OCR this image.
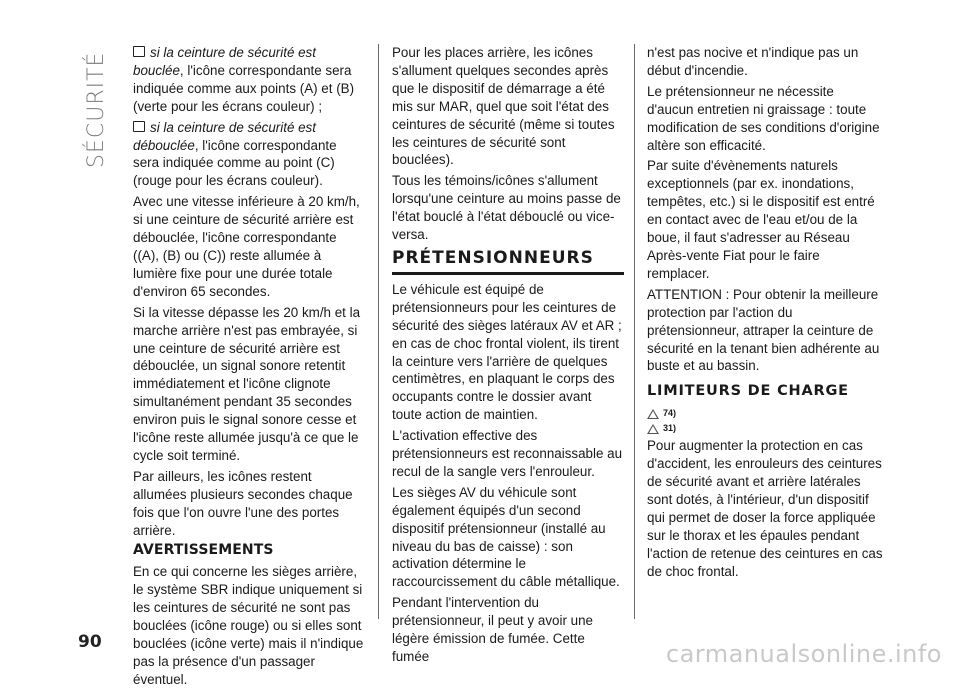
SÉCURITÉ	si la ceinture de sécurité est bouclée, l'icône correspondante sera indiquée comme aux points (A) et (B) (verte pour les écrans couleur) ;

si la ceinture de sécurité est débouclée, l'icône correspondante sera indiquée comme au point (C) (rouge pour les écrans couleur).

Avec une vitesse inférieure à 20 km/h, si une ceinture de sécurité arrière est débouclée, l'icône correspondante ((A), (B) ou (C)) reste allumée à lumière fixe pour une durée totale d'environ 65 secondes.

Si la vitesse dépasse les 20 km/h et la marche arrière n'est pas embrayée, si une ceinture de sécurité arrière est débouclée, un signal sonore retentit immédiatement et l'icône clignote simultanément pendant 35 secondes environ puis le signal sonore cesse et l'icône reste allumée jusqu'à ce que le cycle soit terminé.

Par ailleurs, les icônes restent allumées plusieurs secondes chaque fois que l'on ouvre l'une des portes arrière.

AVERTISSEMENTS

En ce qui concerne les sièges arrière, le système SBR indique uniquement si les ceintures de sécurité ne sont pas bouclées (icône rouge) ou si elles sont bouclées (icône verte) mais il n'indique pas la présence d'un passager éventuel.

Pour les places arrière, les icônes s'allument quelques secondes après que le dispositif de démarrage a été mis sur MAR, quel que soit l'état des ceintures de sécurité (même si toutes les ceintures de sécurité sont bouclées).

Tous les témoins/icônes s'allument lorsqu'une ceinture au moins passe de l'état bouclé à l'état débouclé ou vice-versa.

PRÉTENSIONNEURS

Le véhicule est équipé de prétensionneurs pour les ceintures de sécurité des sièges latéraux AV et AR ; en cas de choc frontal violent, ils tirent la ceinture vers l'arrière de quelques centimètres, en plaquant le corps des occupants contre le dossier avant toute action de maintien.

L'activation effective des prétensionneurs est reconnaissable au recul de la sangle vers l'enrouleur.

Les sièges AV du véhicule sont également équipés d'un second dispositif prétensionneur (installé au niveau du bas de caisse) : son activation détermine le raccourcissement du câble métallique.

Pendant l'intervention du prétensionneur, il peut y avoir une légère émission de fumée. Cette fumée

n'est pas nocive et n'indique pas un début d'incendie.

Le prétensionneur ne nécessite d'aucun entretien ni graissage : toute modification de ses conditions d'origine altère son efficacité.

Par suite d'évènements naturels exceptionnels (par ex. inondations, tempêtes, etc.) si le dispositif est entré en contact avec de l'eau et/ou de la boue, il faut s'adresser au Réseau Après-vente Fiat pour le faire remplacer.

ATTENTION : Pour obtenir la meilleure protection par l'action du prétensionneur, attraper la ceinture de sécurité en la tenant bien adhérente au buste et au bassin.

LIMITEURS DE CHARGE
74)
31)

Pour augmenter la protection en cas d'accident, les enrouleurs des ceintures de sécurité avant et arrière latérales sont dotés, à l'intérieur, d'un dispositif qui permet de doser la force appliquée sur le thorax et les épaules pendant l'action de retenue des ceintures en cas de choc frontal.

90	carmanualsonline.info
